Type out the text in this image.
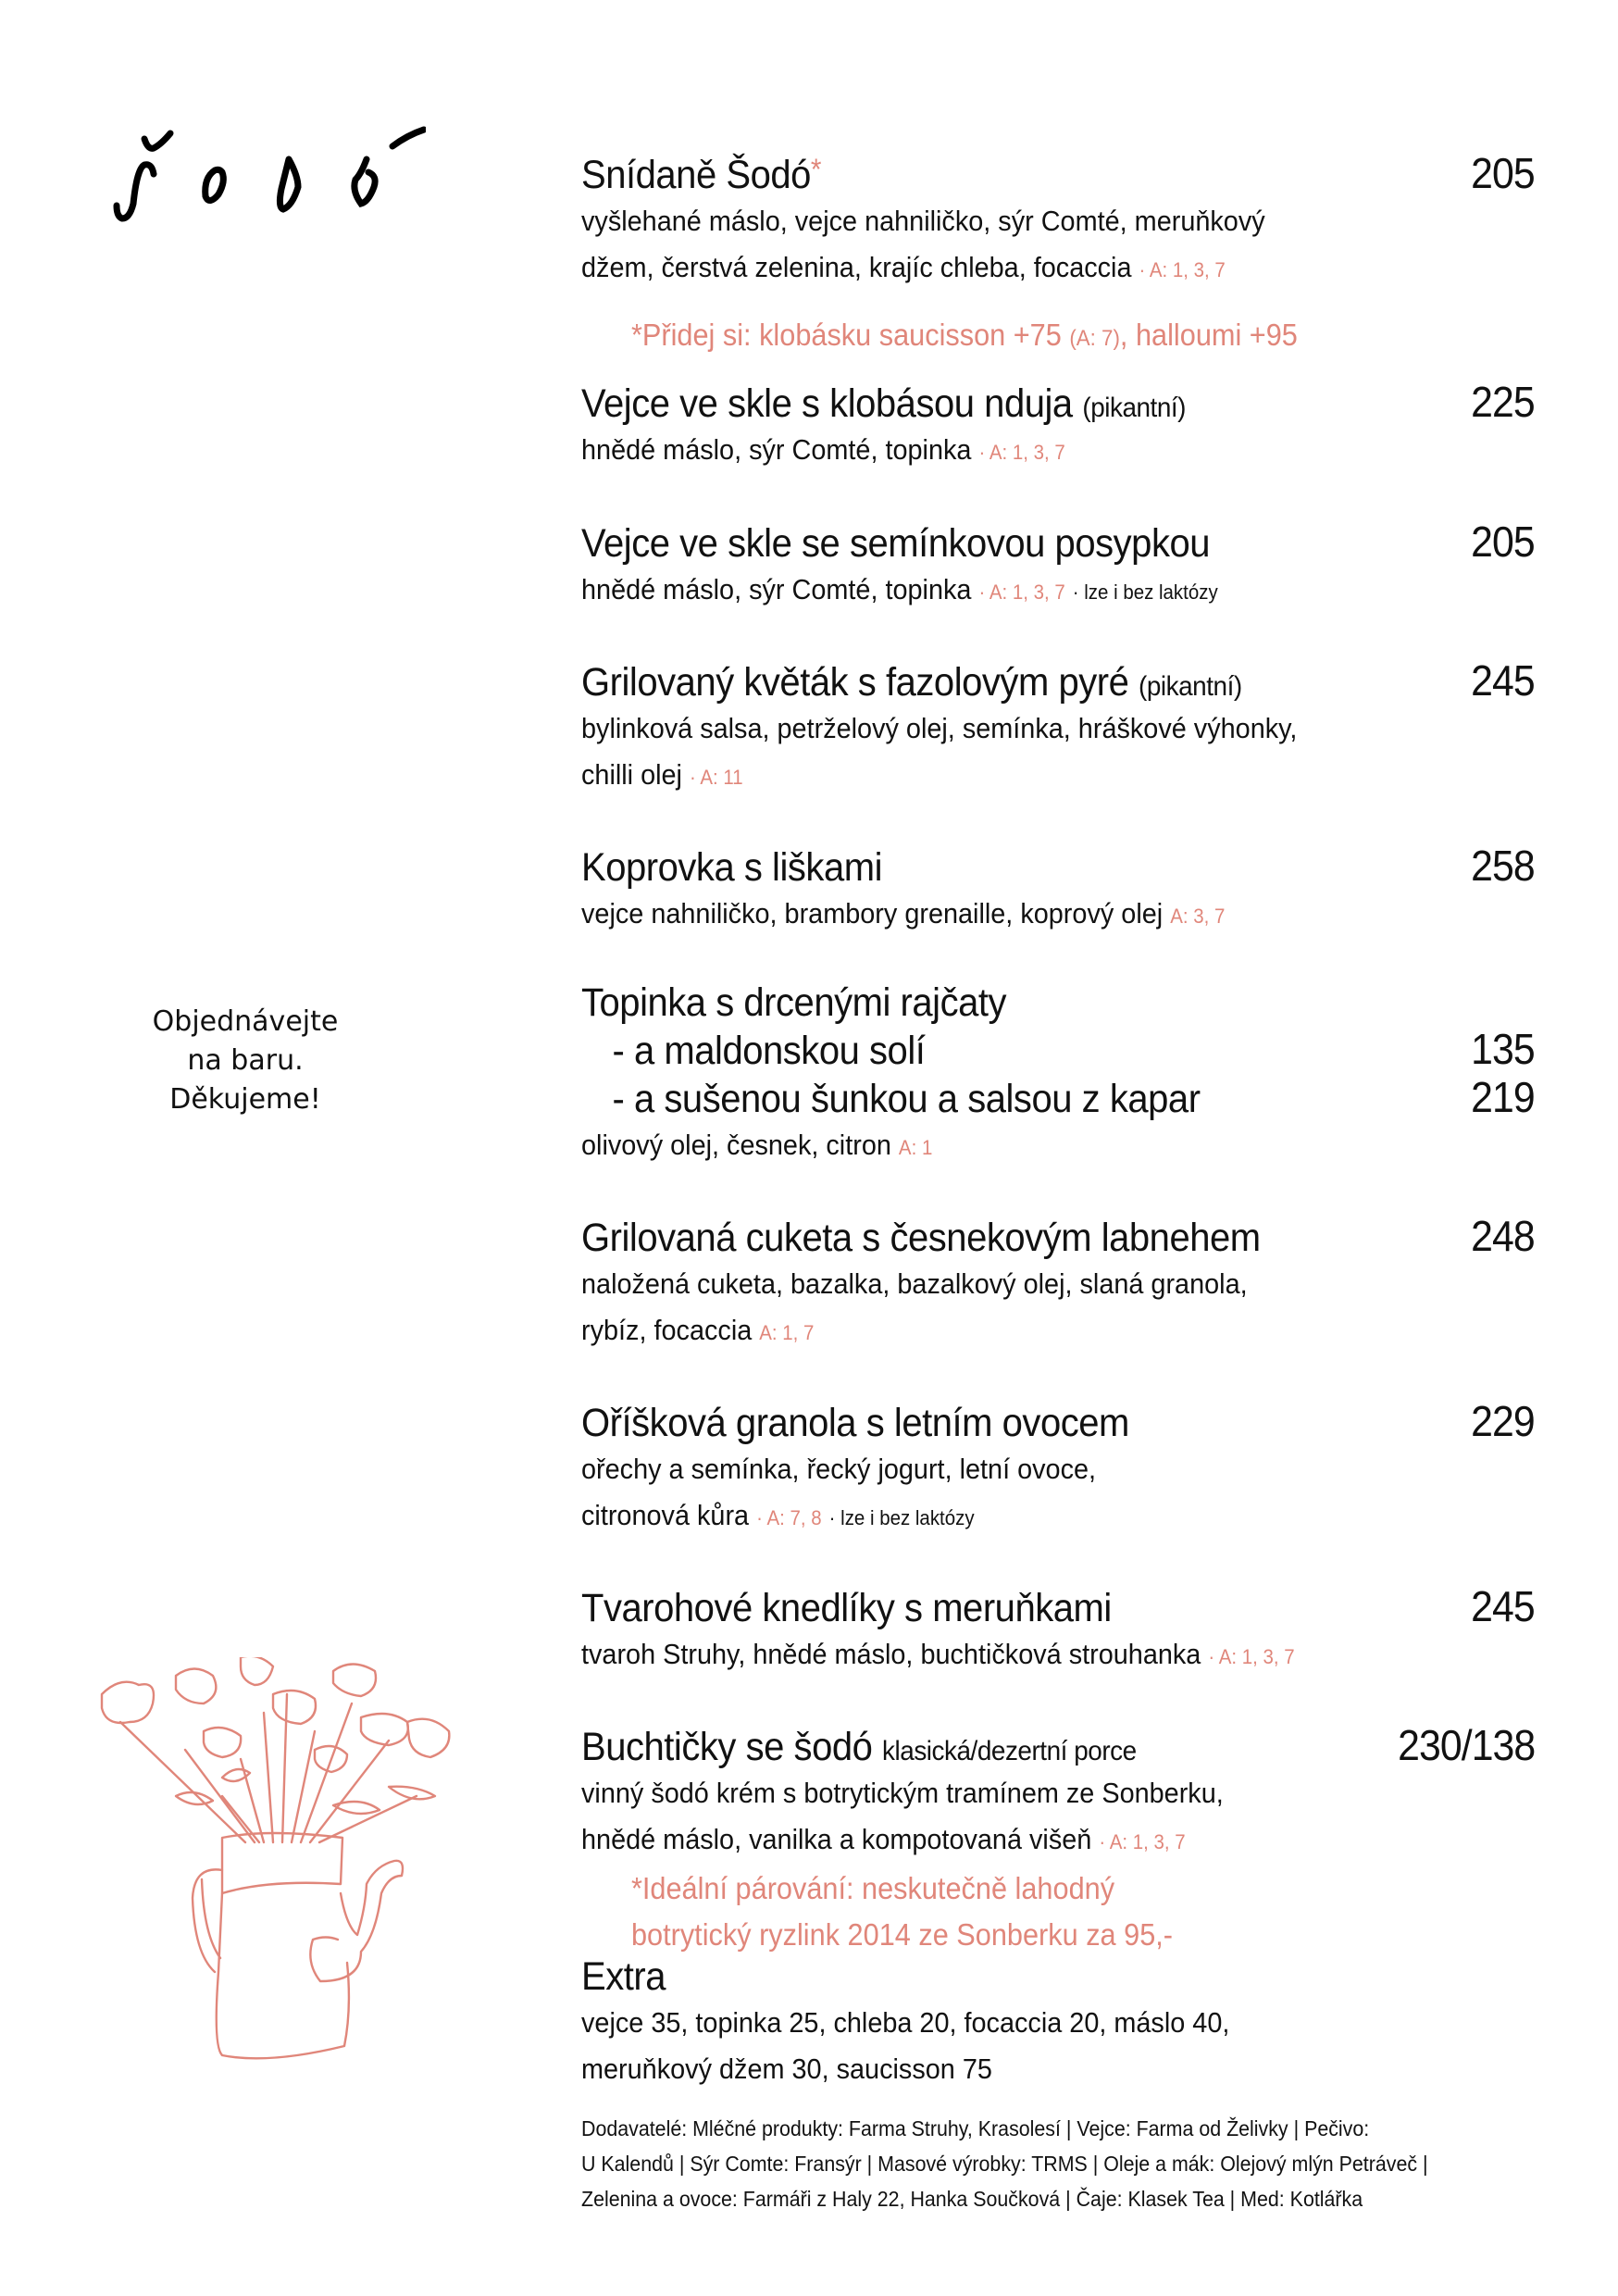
Objednávejte
na baru.
Děkujeme!
Snídaně Šodó*	205
vyšlehané máslo, vejce nahniličko, sýr Comté, meruňkový
džem, čerstvá zelenina, krajíc chleba, focaccia · A: 1, 3, 7
*Přidej si: klobásku saucisson +75 (A: 7), halloumi +95
Vejce ve skle s klobásou nduja (pikantní)	225
hnědé máslo, sýr Comté, topinka · A: 1, 3, 7
Vejce ve skle se semínkovou posypkou	205
hnědé máslo, sýr Comté, topinka · A: 1, 3, 7 · lze i bez laktózy
Grilovaný květák s fazolovým pyré (pikantní)	245
bylinková salsa, petrželový olej, semínka, hráškové výhonky,
chilli olej · A: 11
Koprovka s liškami	258
vejce nahniličko, brambory grenaille, koprový olej A: 3, 7
Topinka s drcenými rajčaty
- a maldonskou solí	135
- a sušenou šunkou a salsou z kapar	219
olivový olej, česnek, citron A: 1
Grilovaná cuketa s česnekovým labnehem	248
naložená cuketa, bazalka, bazalkový olej, slaná granola,
rybíz, focaccia A: 1, 7
Oříšková granola s letním ovocem	229
ořechy a semínka, řecký jogurt, letní ovoce,
citronová kůra · A: 7, 8 · lze i bez laktózy
Tvarohové knedlíky s meruňkami	245
tvaroh Struhy, hnědé máslo, buchtičková strouhanka · A: 1, 3, 7
Buchtičky se šodó klasická/dezertní porce	230/138
vinný šodó krém s botrytickým tramínem ze Sonberku,
hnědé máslo, vanilka a kompotovaná višeň · A: 1, 3, 7
*Ideální párování: neskutečně lahodný
botrytický ryzlink 2014 ze Sonberku za 95,-
Extra
vejce 35, topinka 25, chleba 20, focaccia 20, máslo 40,
meruňkový džem 30, saucisson 75
Dodavatelé: Mléčné produkty: Farma Struhy, Krasolesí | Vejce: Farma od Želivky | Pečivo:
U Kalendů | Sýr Comte: Fransýr | Masové výrobky: TRMS | Oleje a mák: Olejový mlýn Petráveč |
Zelenina a ovoce: Farmáři z Haly 22, Hanka Součková | Čaje: Klasek Tea | Med: Kotlářka
